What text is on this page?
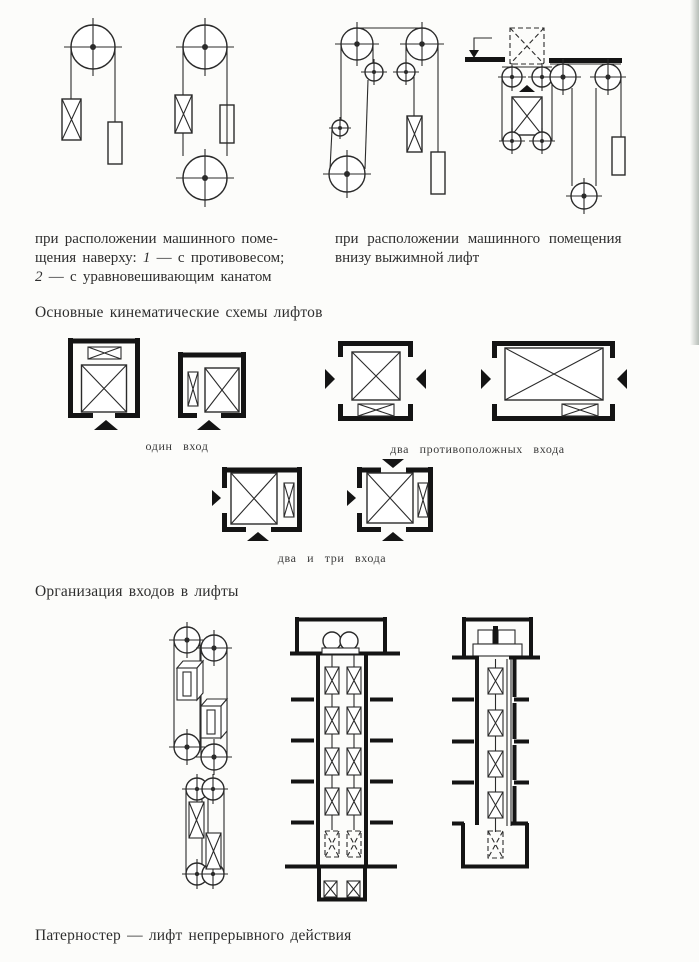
при расположении машинного поме-
щения наверху: 1 — с противовесом;
2 — с уравновешивающим канатом
при расположении машинного помещения
внизу выжимной лифт
Основные кинематические схемы лифтов
один вход	два противоположных входа
два и три входа
Организация входов в лифты
Патерностер — лифт непрерывного действия
